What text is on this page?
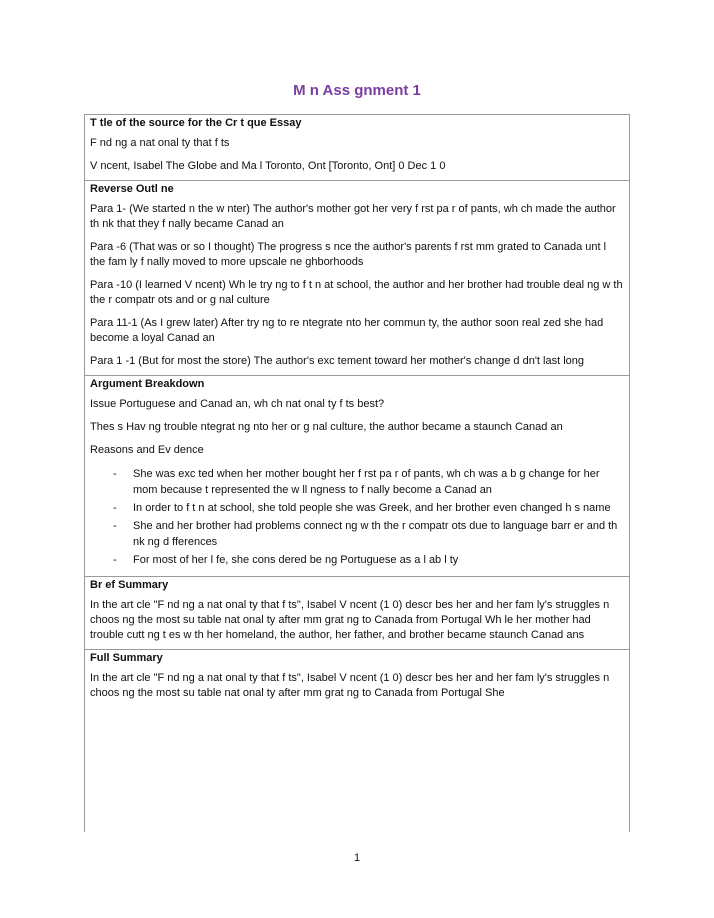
M n Ass gnment 1
T tle of the source for the Cr t que Essay

F nd ng a nat onal ty that f ts

V ncent, Isabel The Globe and Ma l Toronto, Ont [Toronto, Ont] 0 Dec 1 0

Reverse Outl ne

Para 1- (We started n the w nter) The author's mother got her very f rst pa r of pants, wh ch made the author th nk that they f nally became Canad an

Para -6 (That was or so I thought) The progress s nce the author's parents f rst mm grated to Canada unt l the fam ly f nally moved to more upscale ne ghborhoods

Para -10 (I learned V ncent) Wh le try ng to f t n at school, the author and her brother had trouble deal ng w th the r compatr ots and or g nal culture

Para 11-1 (As I grew later) After try ng to re ntegrate nto her commun ty, the author soon real zed she had become a loyal Canad an

Para 1 -1 (But for most the store) The author's exc tement toward her mother's change d dn't last long

Argument Breakdown

Issue Portuguese and Canad an, wh ch nat onal ty f ts best?

Thes s Hav ng trouble ntegrat ng nto her or g nal culture, the author became a staunch Canad an

Reasons and Ev dence

- She was exc ted when her mother bought her f rst pa r of pants, wh ch was a b g change for her mom because t represented the w ll ngness to f nally become a Canad an
- In order to f t n at school, she told people she was Greek, and her brother even changed h s name
- She and her brother had problems connect ng w th the r compatr ots due to language barr er and th nk ng d fferences
- For most of her l fe, she cons dered be ng Portuguese as a l ab l ty
Br ef Summary

In the art cle "F nd ng a nat onal ty that f ts", Isabel V ncent (1 0) descr bes her and her fam ly's struggles n choos ng the most su table nat onal ty after mm grat ng to Canada from Portugal Wh le her mother had trouble cutt ng t es w th her homeland, the author, her father, and brother became staunch Canad ans

Full Summary

In the art cle "F nd ng a nat onal ty that f ts", Isabel V ncent (1 0) descr bes her and her fam ly's struggles n choos ng the most su table nat onal ty after mm grat ng to Canada from Portugal She

1
